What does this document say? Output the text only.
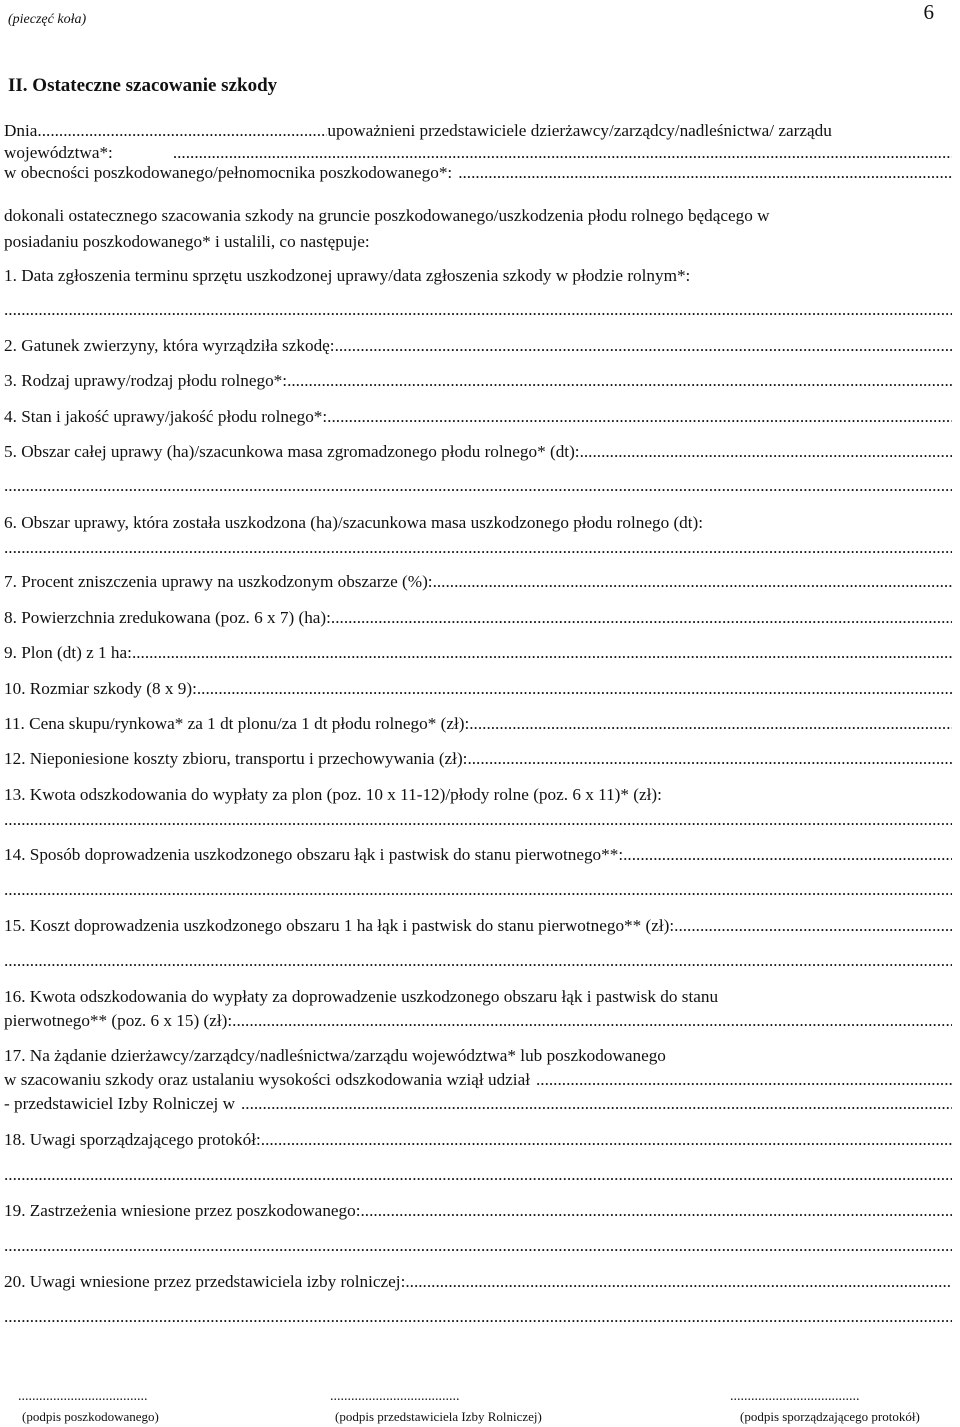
(pieczęć koła)	6
II. Ostateczne szacowanie szkody
Dnia
.....	upoważnieni przedstawiciele dzierżawcy/zarządcy/nadleśnictwa/ zarządu
województwa*:
.....
w obecności poszkodowanego/pełnomocnika poszkodowanego*:
.....
dokonali ostatecznego szacowania szkody na gruncie poszkodowanego/uszkodzenia płodu rolnego będącego w
posiadaniu poszkodowanego* i ustalili, co następuje:
1. Data zgłoszenia terminu sprzętu uszkodzonej uprawy/data zgłoszenia szkody w płodzie rolnym*:
.....
2. Gatunek zwierzyny, która wyrządziła szkodę:
.....
3. Rodzaj uprawy/rodzaj płodu rolnego*:
.....
4. Stan i jakość uprawy/jakość płodu rolnego*:
.....
5. Obszar całej uprawy (ha)/szacunkowa masa zgromadzonego płodu rolnego* (dt):
.....
.....
6. Obszar uprawy, która została uszkodzona (ha)/szacunkowa masa uszkodzonego płodu rolnego (dt):
.....
7. Procent zniszczenia uprawy na uszkodzonym obszarze (%):
.....
8. Powierzchnia zredukowana (poz. 6 x 7) (ha):
.....
9. Plon (dt) z 1 ha:
.....
10. Rozmiar szkody (8 x 9):
.....
11. Cena skupu/rynkowa* za 1 dt plonu/za 1 dt płodu rolnego* (zł):
.....
12. Nieponiesione koszty zbioru, transportu i przechowywania (zł):
.....
13. Kwota odszkodowania do wypłaty za plon (poz. 10 x 11-12)/płody rolne (poz. 6 x 11)* (zł):
.....
14. Sposób doprowadzenia uszkodzonego obszaru łąk i pastwisk do stanu pierwotnego**:
.....
.....
15. Koszt doprowadzenia uszkodzonego obszaru 1 ha łąk i pastwisk do stanu pierwotnego** (zł):
.....
.....
16. Kwota odszkodowania do wypłaty za doprowadzenie uszkodzonego obszaru łąk i pastwisk do stanu
pierwotnego** (poz. 6 x 15) (zł):
.....
17. Na żądanie dzierżawcy/zarządcy/nadleśnictwa/zarządu województwa* lub poszkodowanego
w szacowaniu szkody oraz ustalaniu wysokości odszkodowania wziął udział
.....
- przedstawiciel Izby Rolniczej w
.....
18. Uwagi sporządzającego protokół:
.....
.....
19. Zastrzeżenia wniesione przez poszkodowanego:
.....
.....
20. Uwagi wniesione przez przedstawiciela izby rolniczej:
.....
.....
.....................................
(podpis poszkodowanego)
.....................................
(podpis przedstawiciela Izby Rolniczej)
.....................................
(podpis sporządzającego protokół)
